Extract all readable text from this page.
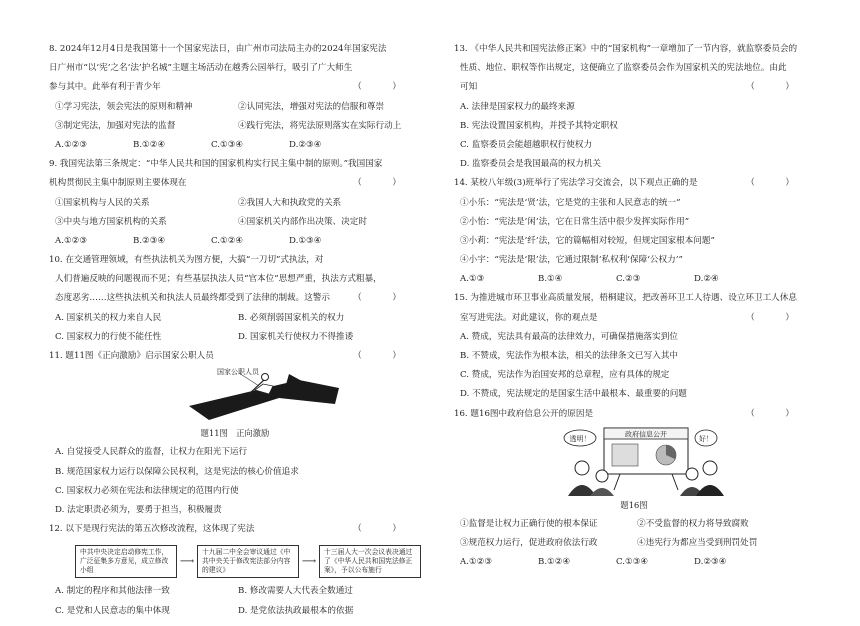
8. 2024年12月4日是我国第十一个国家宪法日，由广州市司法局主办的2024年国家宪法
日广州市“以‘宪’之名‘法’护名城”主题主场活动在越秀公园举行，吸引了广大师生
参与其中。此举有利于青少年	（ ）
①学习宪法，领会宪法的原则和精神	②认同宪法，增强对宪法的信服和尊崇
③制定宪法，加强对宪法的监督	④践行宪法，将宪法原则落实在实际行动上
A.①②③	B.①②④	C.①③④	D.②③④
9. 我国宪法第三条规定：“中华人民共和国的国家机构实行民主集中制的原则。”我国国家
机构贯彻民主集中制原则主要体现在	（ ）
①国家机构与人民的关系	②我国人大和执政党的关系
③中央与地方国家机构的关系	④国家机关内部作出决策、决定时
A.①②③	B.②③④	C.①②④	D.①③④
10. 在交通管理领域，有些执法机关为图方便，大搞“一刀切”式执法，对
人们普遍反映的问题视而不见；有些基层执法人员“官本位”思想严重，执法方式粗暴，
态度恶劣……这些执法机关和执法人员最终都受到了法律的制裁。这警示	（ ）
A. 国家机关的权力来自人民	B. 必须削弱国家机关的权力
C. 国家权力的行使不能任性	D. 国家机关行使权力不得推诿
11. 题11图《正向激励》启示国家公职人员	（ ）
国家公职人员
题11图　正向激励
A. 自觉接受人民群众的监督，让权力在阳光下运行
B. 规范国家权力运行以保障公民权利，这是宪法的核心价值追求
C. 国家权力必须在宪法和法律规定的范围内行使
D. 法定职责必须为，要勇于担当，积极履责
12. 以下是现行宪法的第五次修改流程，这体现了宪法	（ ）
中共中央决定启动修宪工作，广泛征集多方意见，成立修改小组
⟶
十九届二中全会审议通过《中共中央关于修改宪法部分内容的建议》
⟶
十三届人大一次会议表决通过了《中华人民共和国宪法修正案》，予以公布施行
A. 制定的程序和其他法律一致	B. 修改需要人大代表全数通过
C. 是党和人民意志的集中体现	D. 是党依法执政最根本的依据
13. 《中华人民共和国宪法修正案》中的“国家机构”一章增加了一节内容，就监察委员会的
性质、地位、职权等作出规定，这便确立了监察委员会作为国家机关的宪法地位。由此
可知	（ ）
A. 法律是国家权力的最终来源
B. 宪法设置国家机构，并授予其特定职权
C. 监察委员会能超越职权行使权力
D. 监察委员会是我国最高的权力机关
14. 某校八年级(3)班举行了宪法学习交流会，以下观点正确的是	（ ）
①小乐：“宪法是‘贤’法，它是党的主张和人民意志的统一”
②小怡：“宪法是‘闲’法，它在日常生活中很少发挥实际作用”
③小莉：“宪法是‘纤’法，它的篇幅相对较短，但规定国家根本问题”
④小宇：“宪法是‘限’法，它通过限制‘私权利’保障‘公权力’”
A.①③	B.①④	C.②③	D.②④
15. 为推进城市环卫事业高质量发展，梧桐建议，把改善环卫工人待遇、设立环卫工人休息
室写进宪法。对此建议，你的观点是	（ ）
A. 赞成，宪法具有最高的法律效力，可确保措施落实到位
B. 不赞成，宪法作为根本法，相关的法律条文已写入其中
C. 赞成，宪法作为治国安邦的总章程，应有具体的规定
D. 不赞成，宪法规定的是国家生活中最根本、最重要的问题
16. 题16图中政府信息公开的原因是	（ ）
政府信息公开
透明！	好！
题16图
①监督是让权力正确行使的根本保证	②不受监督的权力将导致腐败
③规范权力运行，促进政府依法行政	④违宪行为都应当受到刑罚处罚
A.①②③	B.①②④	C.①③④	D.②③④
